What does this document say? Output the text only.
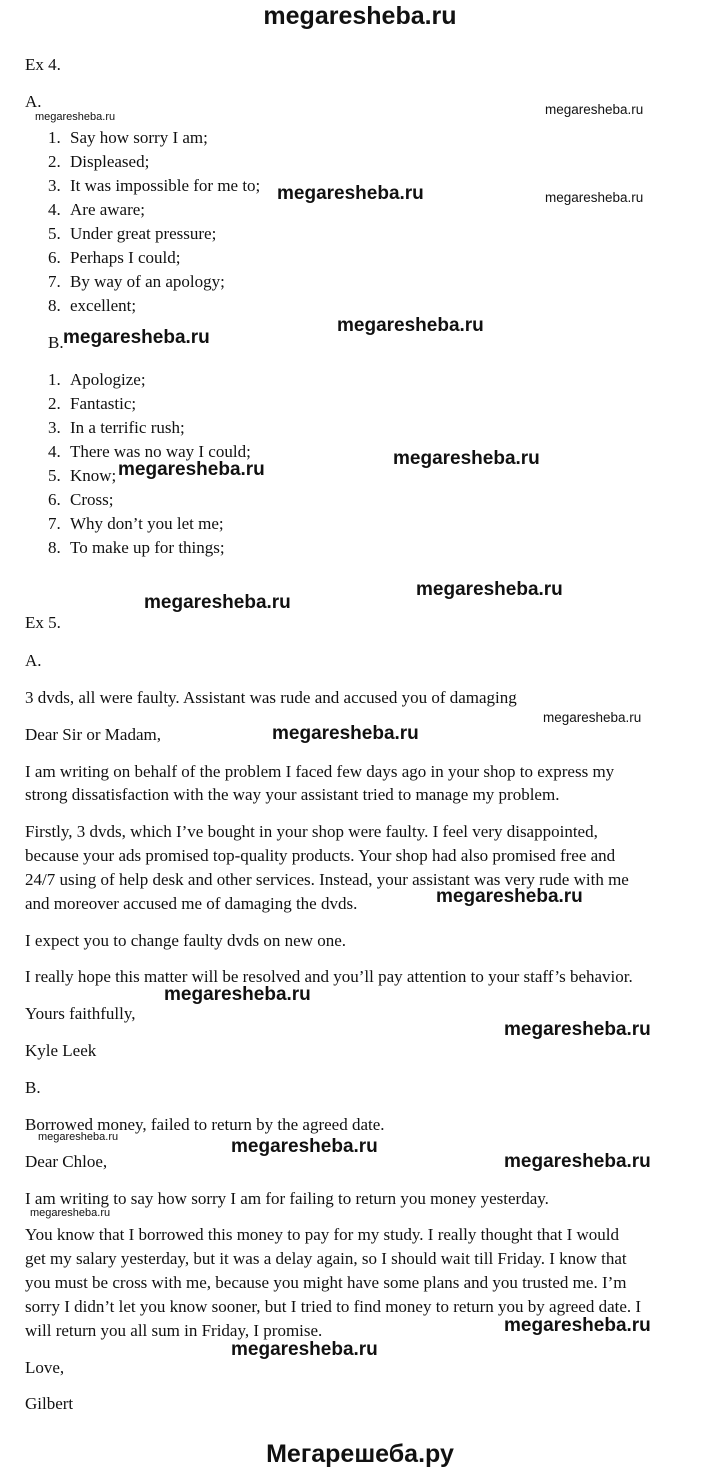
megaresheba.ru
Мегарешеба.ру
Ex 4.
A.
1. Say how sorry I am;
2. Displeased;
3. It was impossible for me to;
4. Are aware;
5. Under great pressure;
6. Perhaps I could;
7. By way of an apology;
8. excellent;
B.
1. Apologize;
2. Fantastic;
3. In a terrific rush;
4. There was no way I could;
5. Know;
6. Cross;
7. Why don’t you let me;
8. To make up for things;
Ex 5.
A.
3 dvds, all were faulty. Assistant was rude and accused you of damaging
Dear Sir or Madam,
I am writing on behalf of the problem I faced few days ago in your shop to express my
strong dissatisfaction with the way your assistant tried to manage my problem.
Firstly, 3 dvds, which I’ve bought in your shop were faulty. I feel very disappointed,
because your ads promised top-quality products. Your shop had also promised free and
24/7 using of help desk and other services. Instead, your assistant was very rude with me
and moreover accused me of damaging the dvds.
I expect you to change faulty dvds on new one.
I really hope this matter will be resolved and you’ll pay attention to your staff’s behavior.
Yours faithfully,
Kyle Leek
B.
Borrowed money, failed to return by the agreed date.
Dear Chloe,
I am writing to say how sorry I am for failing to return you money yesterday.
You know that I borrowed this money to pay for my study. I really thought that I would
get my salary yesterday, but it was a delay again, so I should wait till Friday. I know that
you must be cross with me, because you might have some plans and you trusted me. I’m
sorry I didn’t let you know sooner, but I tried to find money to return you by agreed date. I
will return you all sum in Friday, I promise.
Love,
Gilbert
megaresheba.ru	megaresheba.ru
megaresheba.ru	megaresheba.ru
megaresheba.ru
megaresheba.ru
megaresheba.ru
megaresheba.ru
megaresheba.ru
megaresheba.ru
megaresheba.ru
megaresheba.ru
megaresheba.ru
megaresheba.ru
megaresheba.ru
megaresheba.ru	megaresheba.ru
megaresheba.ru
megaresheba.ru
megaresheba.ru
megaresheba.ru
